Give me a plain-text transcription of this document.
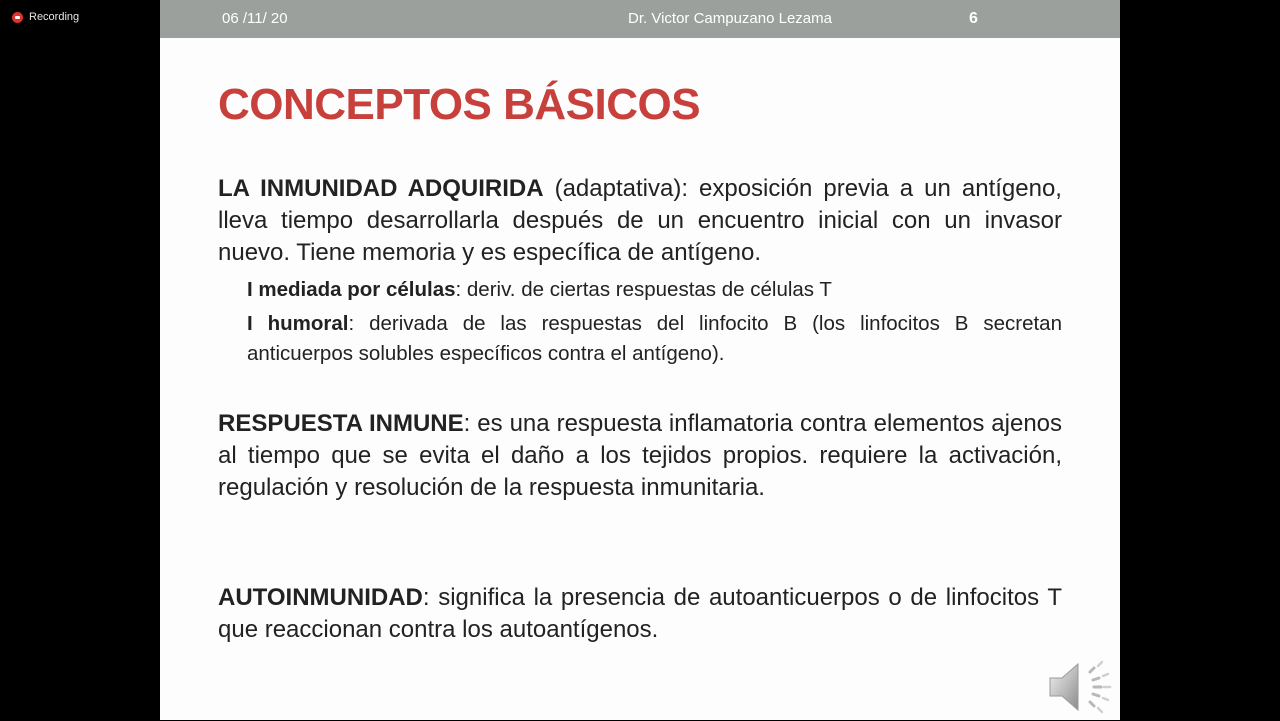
Recording	06 /11/ 20	Dr. Victor Campuzano Lezama	6
CONCEPTOS BÁSICOS
LA INMUNIDAD ADQUIRIDA (adaptativa): exposición previa a un antígeno, lleva tiempo desarrollarla después de un encuentro inicial con un invasor nuevo. Tiene memoria y es específica de antígeno.
I mediada por células: deriv. de ciertas respuestas de células T
I humoral: derivada de las respuestas del linfocito B (los linfocitos B secretan anticuerpos solubles específicos contra el antígeno).
RESPUESTA INMUNE: es una respuesta inflamatoria contra elementos ajenos al tiempo que se evita el daño a los tejidos propios. requiere la activación, regulación y resolución de la respuesta inmunitaria.
AUTOINMUNIDAD: significa la presencia de autoanticuerpos o de linfocitos T que reaccionan contra los autoantígenos.
